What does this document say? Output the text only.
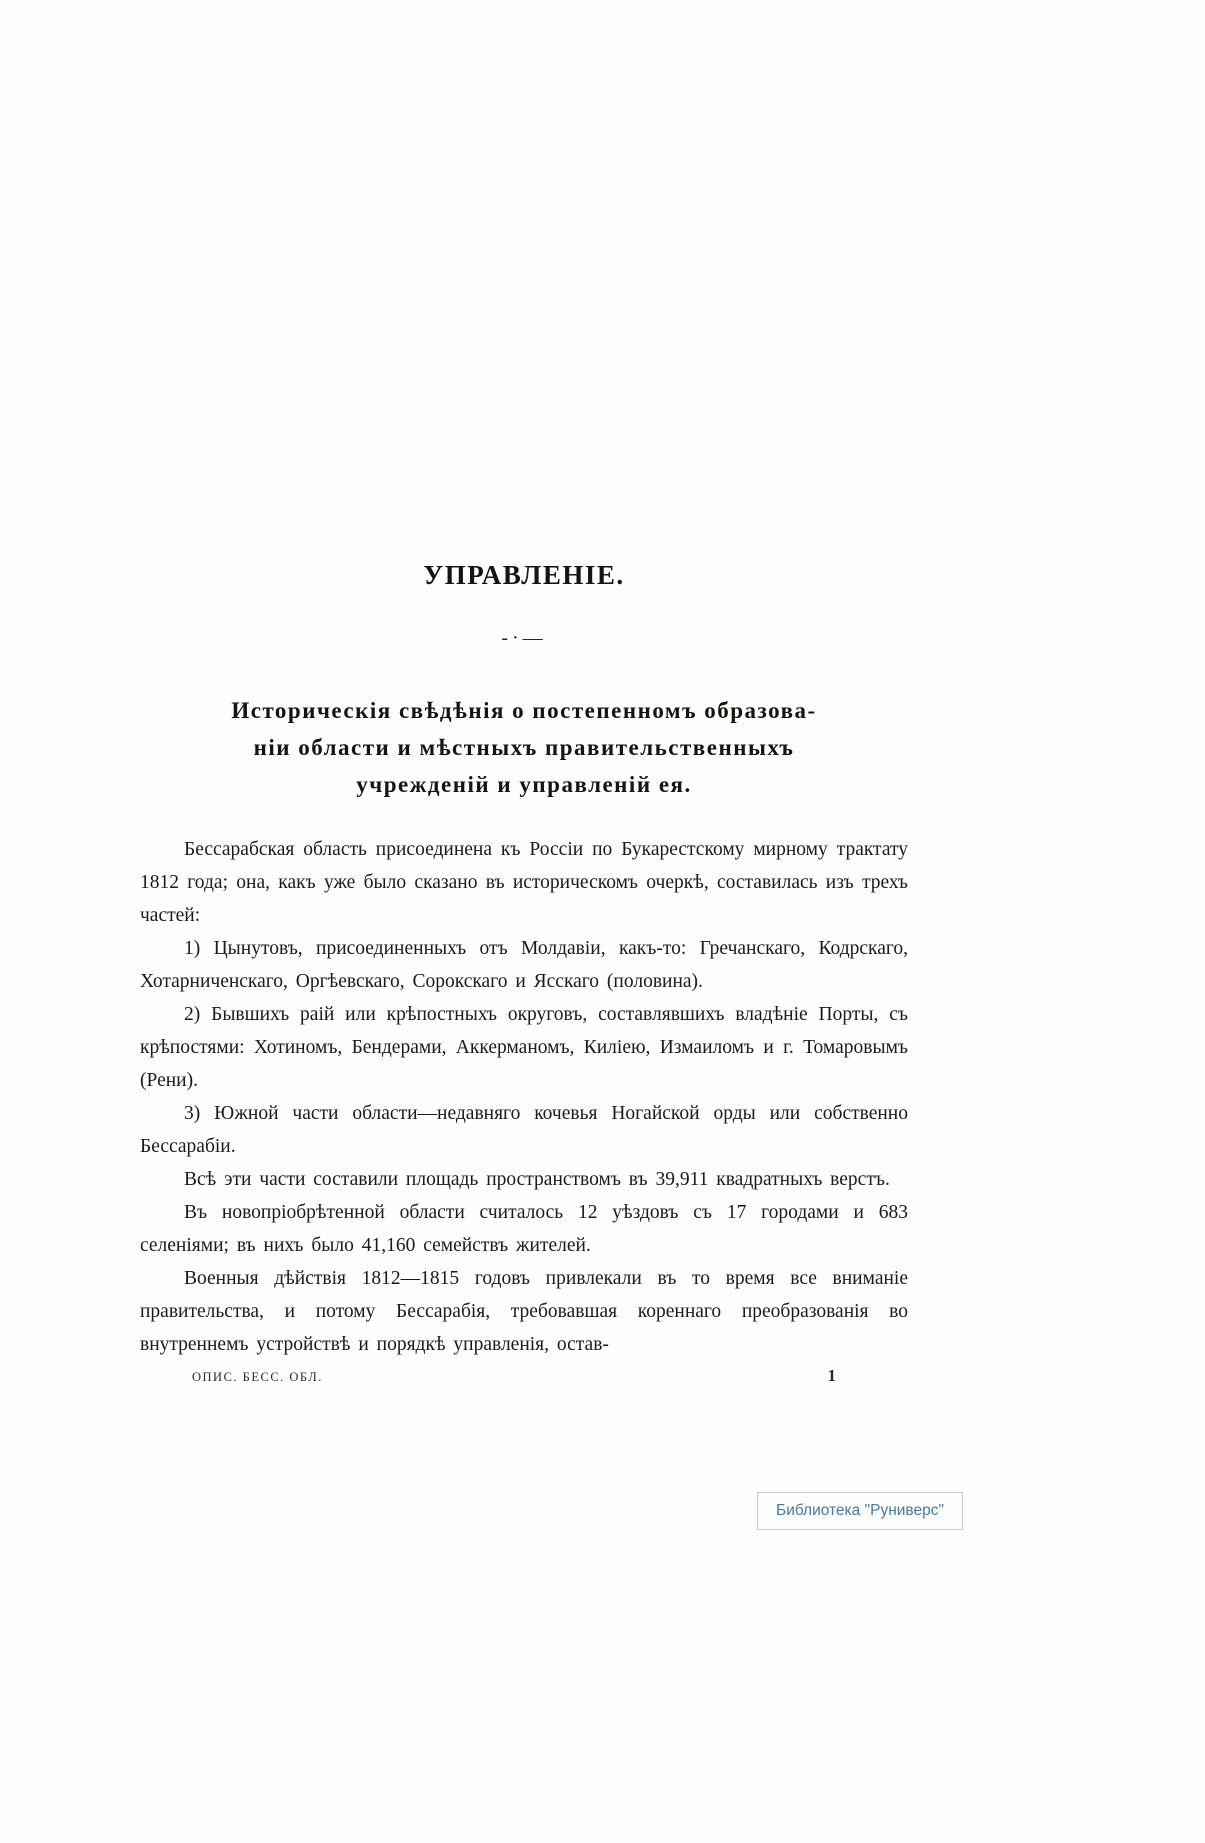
УПРАВЛЕНІЕ.
-·—
Историческія свѣдѣнія о постепенномъ образова-
ніи области и мѣстныхъ правительственныхъ
учрежденій и управленій ея.

Бессарабская область присоединена къ Россіи по Букарестскому мирному трактату 1812 года; она, какъ уже было сказано въ историческомъ очеркѣ, составилась изъ трехъ частей:

1) Цынутовъ, присоединенныхъ отъ Молдавіи, какъ-то: Гречанскаго, Кодрскаго, Хотарниченскаго, Оргѣевскаго, Сорокскаго и Ясскаго (половина).

2) Бывшихъ раій или крѣпостныхъ округовъ, составлявшихъ владѣніе Порты, съ крѣпостями: Хотиномъ, Бендерами, Аккерманомъ, Киліею, Измаиломъ и г. Томаровымъ (Рени).

3) Южной части области—недавняго кочевья Ногайской орды или собственно Бессарабіи.

Всѣ эти части составили площадь пространствомъ въ 39,911 квадратныхъ верстъ.

Въ новопріобрѣтенной области считалось 12 уѣздовъ съ 17 городами и 683 селеніями; въ нихъ было 41,160 семействъ жителей.

Военныя дѣйствія 1812—1815 годовъ привлекали въ то время все вниманіе правительства, и потому Бессарабія, требовавшая кореннаго преобразованія во внутреннемъ устройствѣ и порядкѣ управленія, остав-

ОПИС. БЕСС. ОБЛ.	1
Библиотека "Руниверс"
